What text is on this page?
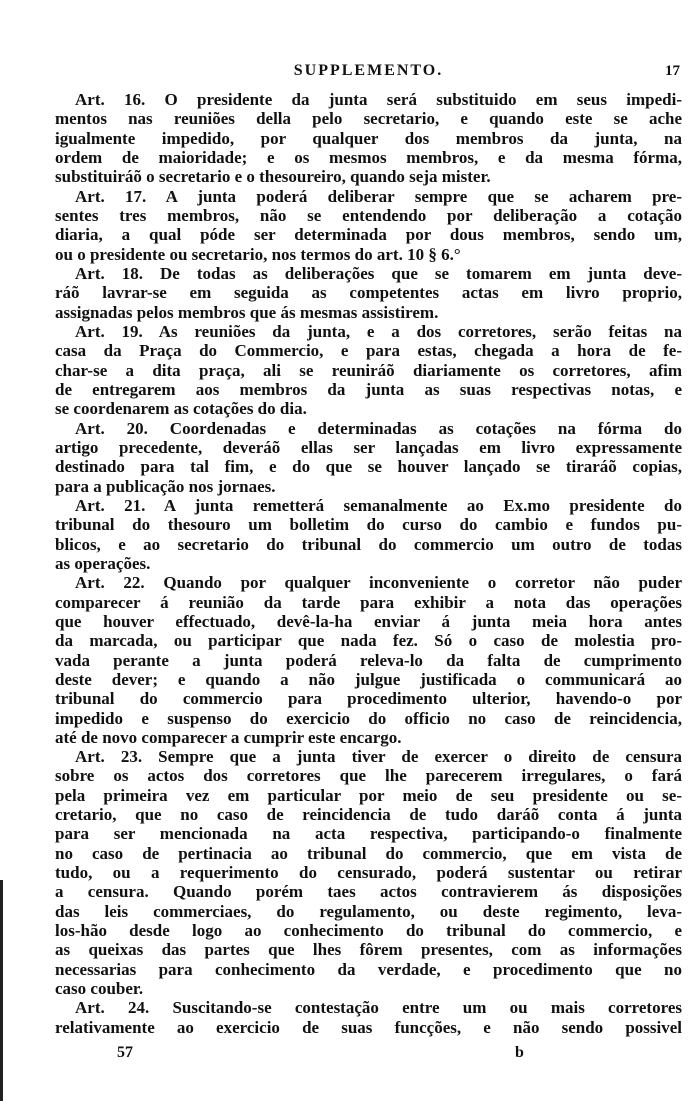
SUPPLEMENTO.	17
Art. 16. O presidente da junta será substituido em seus impedi-
mentos nas reuniões della pelo secretario, e quando este se ache
igualmente impedido, por qualquer dos membros da junta, na
ordem de maioridade; e os mesmos membros, e da mesma fórma,
substituiráõ o secretario e o thesoureiro, quando seja mister.
Art. 17. A junta poderá deliberar sempre que se acharem pre-
sentes tres membros, não se entendendo por deliberação a cotação
diaria, a qual póde ser determinada por dous membros, sendo um,
ou o presidente ou secretario, nos termos do art. 10 § 6.°
Art. 18. De todas as deliberações que se tomarem em junta deve-
ráõ lavrar-se em seguida as competentes actas em livro proprio,
assignadas pelos membros que ás mesmas assistirem.
Art. 19. As reuniões da junta, e a dos corretores, serão feitas na
casa da Praça do Commercio, e para estas, chegada a hora de fe-
char-se a dita praça, ali se reuniráõ diariamente os corretores, afim
de entregarem aos membros da junta as suas respectivas notas, e
se coordenarem as cotações do dia.
Art. 20. Coordenadas e determinadas as cotações na fórma do
artigo precedente, deveráõ ellas ser lançadas em livro expressamente
destinado para tal fim, e do que se houver lançado se tiraráõ copias,
para a publicação nos jornaes.
Art. 21. A junta remetterá semanalmente ao Ex.mo presidente do
tribunal do thesouro um bolletim do curso do cambio e fundos pu-
blicos, e ao secretario do tribunal do commercio um outro de todas
as operações.
Art. 22. Quando por qualquer inconveniente o corretor não puder
comparecer á reunião da tarde para exhibir a nota das operações
que houver effectuado, devê-la-ha enviar á junta meia hora antes
da marcada, ou participar que nada fez. Só o caso de molestia pro-
vada perante a junta poderá releva-lo da falta de cumprimento
deste dever; e quando a não julgue justificada o communicará ao
tribunal do commercio para procedimento ulterior, havendo-o por
impedido e suspenso do exercicio do officio no caso de reincidencia,
até de novo comparecer a cumprir este encargo.
Art. 23. Sempre que a junta tiver de exercer o direito de censura
sobre os actos dos corretores que lhe parecerem irregulares, o fará
pela primeira vez em particular por meio de seu presidente ou se-
cretario, que no caso de reincidencia de tudo daráõ conta á junta
para ser mencionada na acta respectiva, participando-o finalmente
no caso de pertinacia ao tribunal do commercio, que em vista de
tudo, ou a requerimento do censurado, poderá sustentar ou retirar
a censura. Quando porém taes actos contravierem ás disposições
das leis commerciaes, do regulamento, ou deste regimento, leva-
los-hão desde logo ao conhecimento do tribunal do commercio, e
as queixas das partes que lhes fôrem presentes, com as informações
necessarias para conhecimento da verdade, e procedimento que no
caso couber.
Art. 24. Suscitando-se contestação entre um ou mais corretores
relativamente ao exercicio de suas funcções, e não sendo possivel
57	b
